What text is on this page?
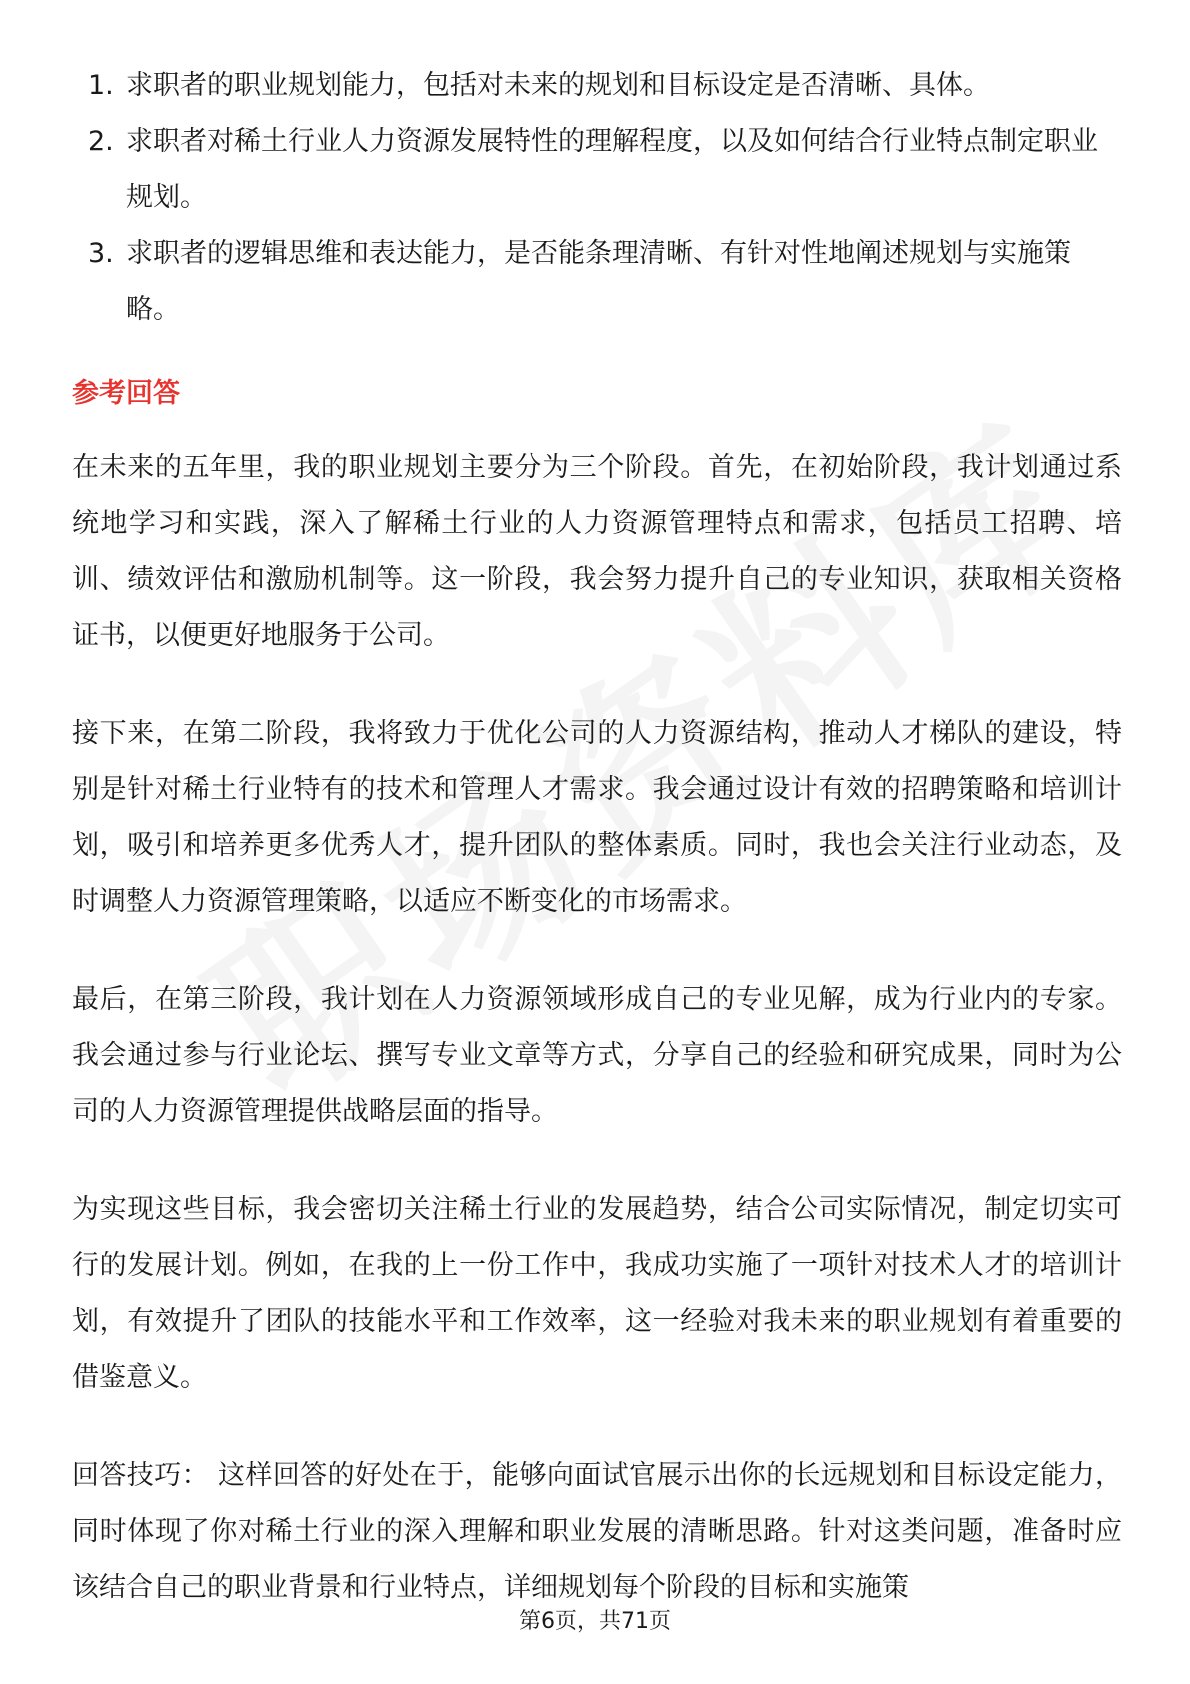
1. 求职者的职业规划能力，包括对未来的规划和目标设定是否清晰、具体。
2. 求职者对稀土行业人力资源发展特性的理解程度，以及如何结合行业特点制定职业规划。
3. 求职者的逻辑思维和表达能力，是否能条理清晰、有针对性地阐述规划与实施策略。
参考回答

在未来的五年里，我的职业规划主要分为三个阶段。首先，在初始阶段，我计划通过系统地学习和实践，深入了解稀土行业的人力资源管理特点和需求，包括员工招聘、培训、绩效评估和激励机制等。这一阶段，我会努力提升自己的专业知识，获取相关资格证书，以便更好地服务于公司。

接下来，在第二阶段，我将致力于优化公司的人力资源结构，推动人才梯队的建设，特别是针对稀土行业特有的技术和管理人才需求。我会通过设计有效的招聘策略和培训计划，吸引和培养更多优秀人才，提升团队的整体素质。同时，我也会关注行业动态，及时调整人力资源管理策略，以适应不断变化的市场需求。

最后，在第三阶段，我计划在人力资源领域形成自己的专业见解，成为行业内的专家。我会通过参与行业论坛、撰写专业文章等方式，分享自己的经验和研究成果，同时为公司的人力资源管理提供战略层面的指导。

为实现这些目标，我会密切关注稀土行业的发展趋势，结合公司实际情况，制定切实可行的发展计划。例如，在我的上一份工作中，我成功实施了一项针对技术人才的培训计划，有效提升了团队的技能水平和工作效率，这一经验对我未来的职业规划有着重要的借鉴意义。

回答技巧： 这样回答的好处在于，能够向面试官展示出你的长远规划和目标设定能力，同时体现了你对稀土行业的深入理解和职业发展的清晰思路。针对这类问题，准备时应该结合自己的职业背景和行业特点，详细规划每个阶段的目标和实施策

第6页，共71页
